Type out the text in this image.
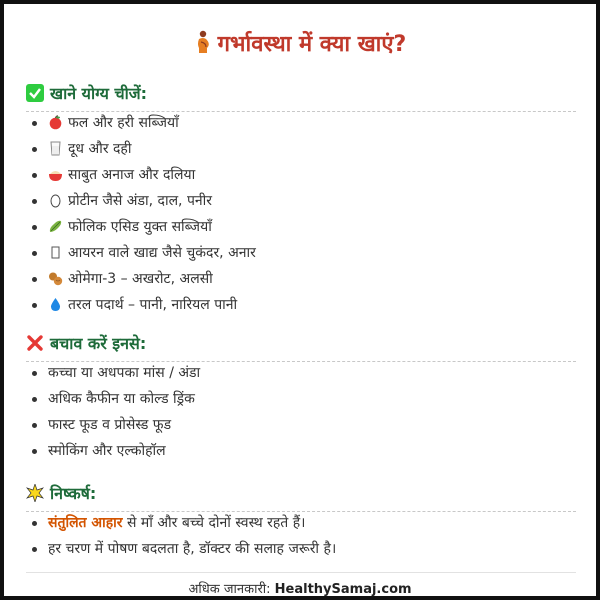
गर्भावस्था में क्या खाएं?
खाने योग्य चीजें:
फल और हरी सब्जियाँ
दूध और दही
साबुत अनाज और दलिया
प्रोटीन जैसे अंडा, दाल, पनीर
फोलिक एसिड युक्त सब्जियाँ
आयरन वाले खाद्य जैसे चुकंदर, अनार
ओमेगा-3 – अखरोट, अलसी
तरल पदार्थ – पानी, नारियल पानी
बचाव करें इनसे:
कच्चा या अधपका मांस / अंडा
अधिक कैफीन या कोल्ड ड्रिंक
फास्ट फूड व प्रोसेस्ड फूड
स्मोकिंग और एल्कोहॉल
निष्कर्ष:
संतुलित आहार से माँ और बच्चे दोनों स्वस्थ रहते हैं।
हर चरण में पोषण बदलता है, डॉक्टर की सलाह जरूरी है।
अधिक जानकारी: HealthySamaj.com
